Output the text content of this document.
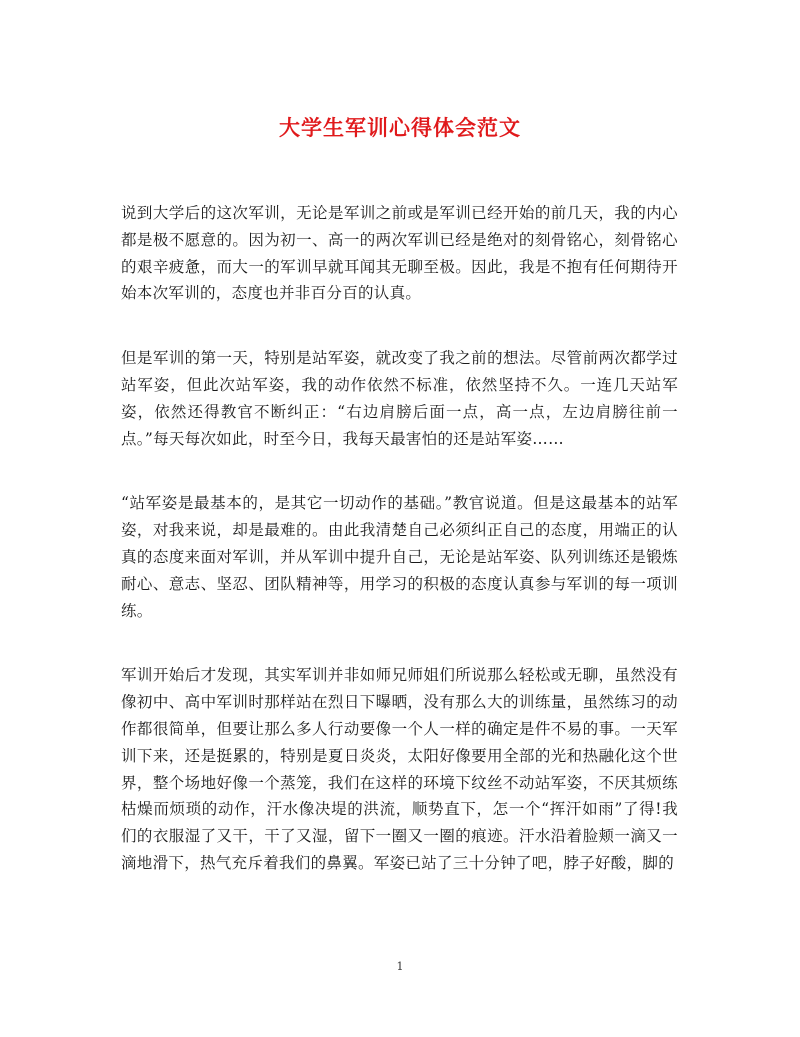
大学生军训心得体会范文

说到大学后的这次军训，无论是军训之前或是军训已经开始的前几天，我的内心都是极不愿意的。因为初一、高一的两次军训已经是绝对的刻骨铭心，刻骨铭心的艰辛疲惫，而大一的军训早就耳闻其无聊至极。因此，我是不抱有任何期待开始本次军训的，态度也并非百分百的认真。

但是军训的第一天，特别是站军姿，就改变了我之前的想法。尽管前两次都学过站军姿，但此次站军姿，我的动作依然不标准，依然坚持不久。一连几天站军姿，依然还得教官不断纠正：“右边肩膀后面一点，高一点，左边肩膀往前一点。”每天每次如此，时至今日，我每天最害怕的还是站军姿……

“站军姿是最基本的，是其它一切动作的基础。”教官说道。但是这最基本的站军姿，对我来说，却是最难的。由此我清楚自己必须纠正自己的态度，用端正的认真的态度来面对军训，并从军训中提升自己，无论是站军姿、队列训练还是锻炼耐心、意志、坚忍、团队精神等，用学习的积极的态度认真参与军训的每一项训练。

军训开始后才发现，其实军训并非如师兄师姐们所说那么轻松或无聊，虽然没有像初中、高中军训时那样站在烈日下曝晒，没有那么大的训练量，虽然练习的动作都很简单，但要让那么多人行动要像一个人一样的确定是件不易的事。一天军训下来，还是挺累的，特别是夏日炎炎，太阳好像要用全部的光和热融化这个世界，整个场地好像一个蒸笼，我们在这样的环境下纹丝不动站军姿，不厌其烦练枯燥而烦琐的动作，汗水像决堤的洪流，顺势直下，怎一个“挥汗如雨”了得!我们的衣服湿了又干，干了又湿，留下一圈又一圈的痕迹。汗水沿着脸颊一滴又一滴地滑下，热气充斥着我们的鼻翼。军姿已站了三十分钟了吧，脖子好酸，脚的

1
